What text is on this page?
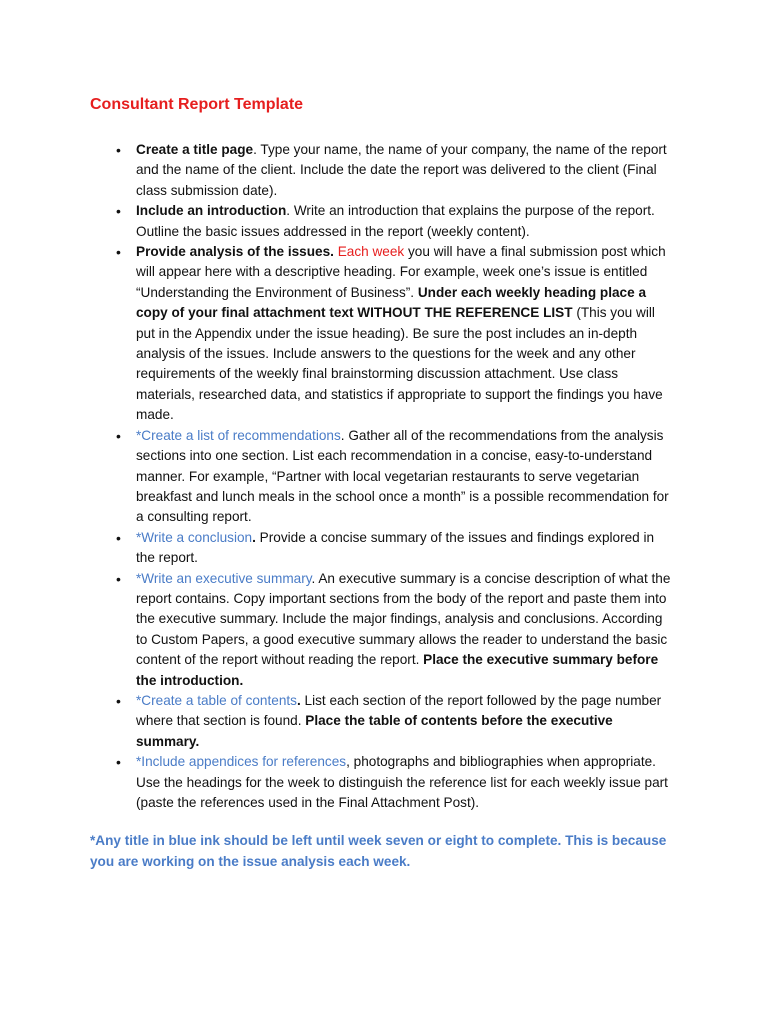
Consultant Report Template
• Create a title page. Type your name, the name of your company, the name of the report and the name of the client. Include the date the report was delivered to the client (Final class submission date).
• Include an introduction. Write an introduction that explains the purpose of the report. Outline the basic issues addressed in the report (weekly content).
• Provide analysis of the issues. Each week you will have a final submission post which will appear here with a descriptive heading. For example, week one’s issue is entitled “Understanding the Environment of Business”. Under each weekly heading place a copy of your final attachment text WITHOUT THE REFERENCE LIST (This you will put in the Appendix under the issue heading). Be sure the post includes an in-depth analysis of the issues. Include answers to the questions for the week and any other requirements of the weekly final brainstorming discussion attachment. Use class materials, researched data, and statistics if appropriate to support the findings you have made.
• *Create a list of recommendations. Gather all of the recommendations from the analysis sections into one section. List each recommendation in a concise, easy-to-understand manner. For example, “Partner with local vegetarian restaurants to serve vegetarian breakfast and lunch meals in the school once a month” is a possible recommendation for a consulting report.
• *Write a conclusion. Provide a concise summary of the issues and findings explored in the report.
• *Write an executive summary. An executive summary is a concise description of what the report contains. Copy important sections from the body of the report and paste them into the executive summary. Include the major findings, analysis and conclusions. According to Custom Papers, a good executive summary allows the reader to understand the basic content of the report without reading the report. Place the executive summary before the introduction.
• *Create a table of contents. List each section of the report followed by the page number where that section is found. Place the table of contents before the executive summary.
• *Include appendices for references, photographs and bibliographies when appropriate. Use the headings for the week to distinguish the reference list for each weekly issue part (paste the references used in the Final Attachment Post).

*Any title in blue ink should be left until week seven or eight to complete. This is because you are working on the issue analysis each week.
